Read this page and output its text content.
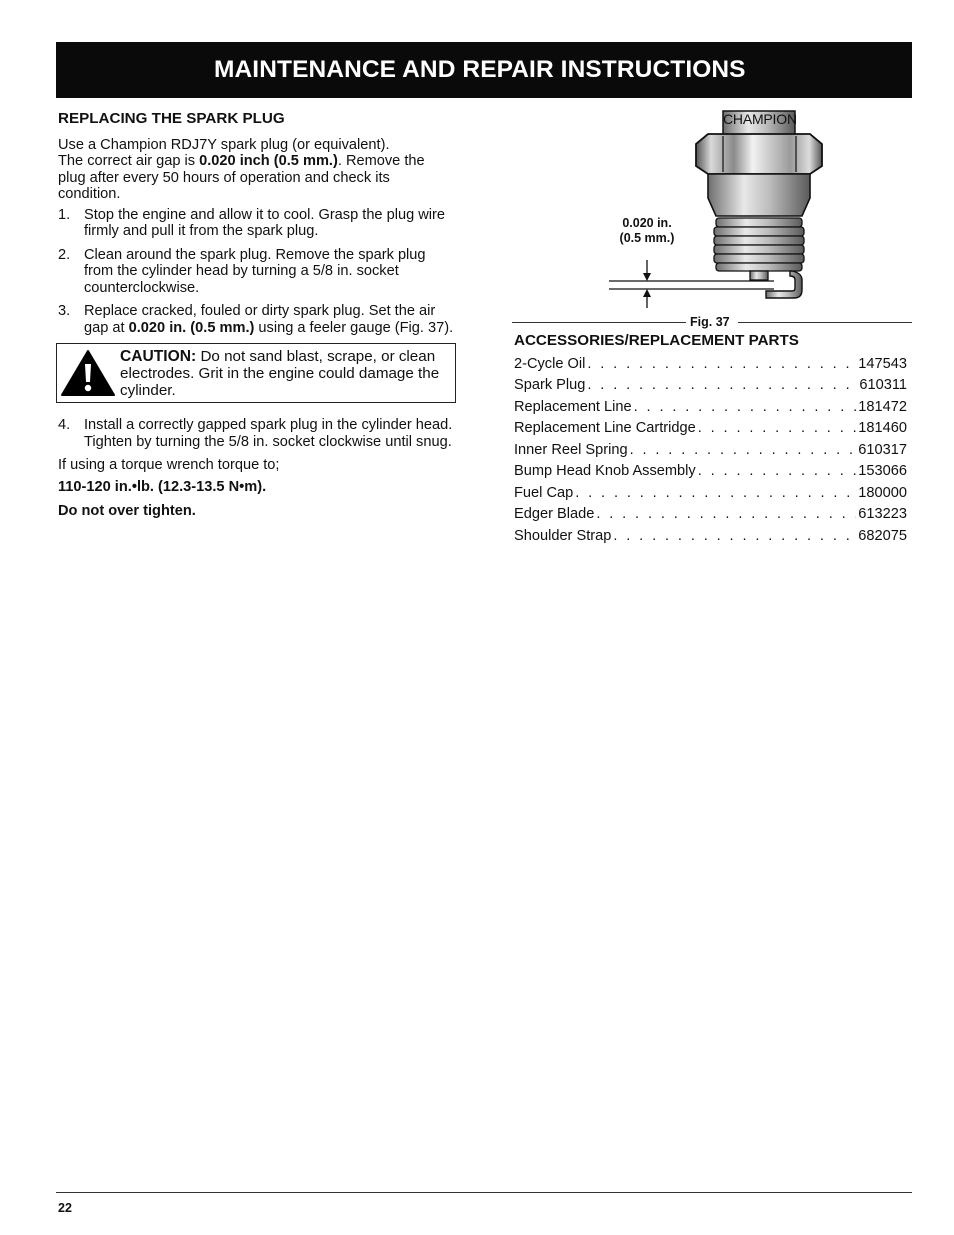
MAINTENANCE AND REPAIR INSTRUCTIONS
REPLACING THE SPARK PLUG
Use a Champion RDJ7Y spark plug (or equivalent).
The correct air gap is 0.020 inch (0.5 mm.). Remove the plug after every 50 hours of operation and check its condition.
1. Stop the engine and allow it to cool. Grasp the plug wire firmly and pull it from the spark plug.
2. Clean around the spark plug. Remove the spark plug from the cylinder head by turning a 5/8 in. socket counterclockwise.
3. Replace cracked, fouled or dirty spark plug. Set the air gap at 0.020 in. (0.5 mm.) using a feeler gauge (Fig. 37).
CAUTION: Do not sand blast, scrape, or clean electrodes. Grit in the engine could damage the cylinder.
4. Install a correctly gapped spark plug in the cylinder head. Tighten by turning the 5/8 in. socket clockwise until snug.
If using a torque wrench torque to;
110-120 in.•lb. (12.3-13.5 N•m).
Do not over tighten.
CHAMPION
0.020 in.
(0.5 mm.)
Fig. 37
ACCESSORIES/REPLACEMENT PARTS
2-Cycle Oil . . .	147543
Spark Plug . . .	610311
Replacement Line . . .	181472
Replacement Line Cartridge . . .	181460
Inner Reel Spring . . .	610317
Bump Head Knob Assembly . . .	153066
Fuel Cap . . .	180000
Edger Blade . . .	613223
Shoulder Strap . . .	682075
22
